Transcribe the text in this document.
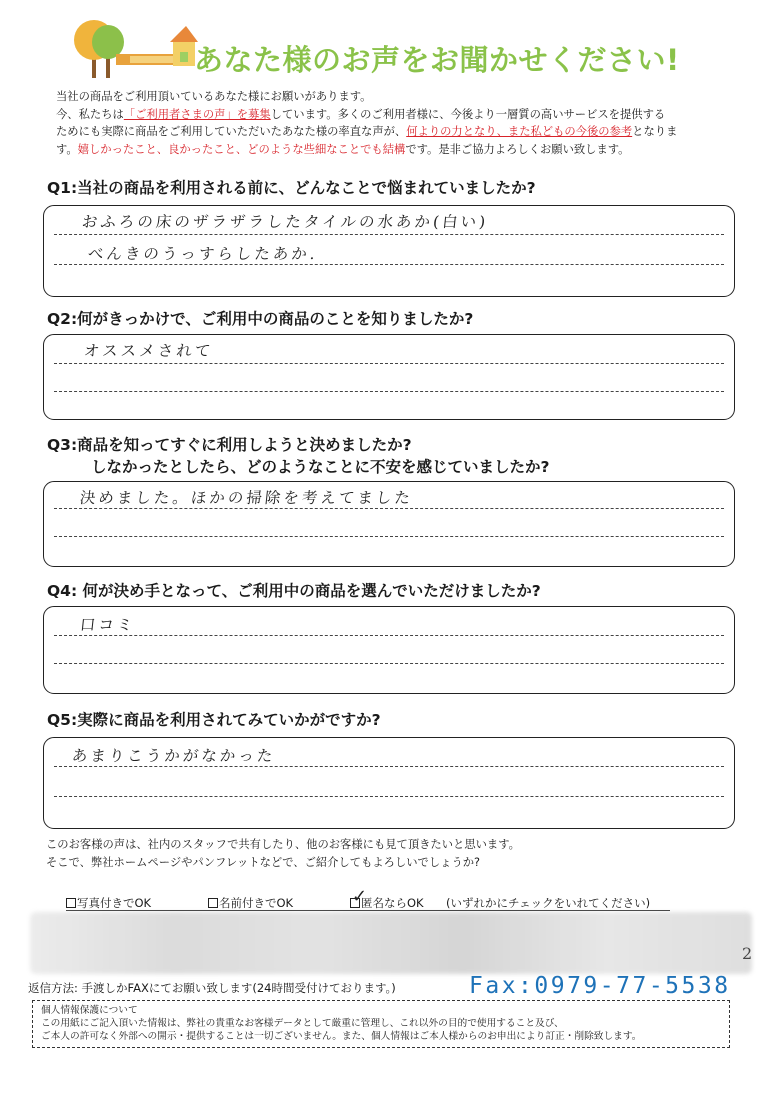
あなた様のお声をお聞かせください!
当社の商品をご利用頂いているあなた様にお願いがあります。
今、私たちは「ご利用者さまの声」を募集しています。多くのご利用者様に、今後より一層質の高いサービスを提供する
ためにも実際に商品をご利用していただいたあなた様の率直な声が、何よりの力となり、また私どもの今後の参考となりま
す。嬉しかったこと、良かったこと、どのような些細なことでも結構です。是非ご協力よろしくお願い致します。
Q1:当社の商品を利用される前に、どんなことで悩まれていましたか?
おふろの床のザラザラしたタイルの水あか(白い)
べんきのうっすらしたあか.
Q2:何がきっかけで、ご利用中の商品のことを知りましたか?
オススメされて
Q3:商品を知ってすぐに利用しようと決めましたか?
しなかったとしたら、どのようなことに不安を感じていましたか?
決めました。ほかの掃除を考えてました
Q4: 何が決め手となって、ご利用中の商品を選んでいただけましたか?
口コミ
Q5:実際に商品を利用されてみていかがですか?
あまりこうかがなかった
このお客様の声は、社内のスタッフで共有したり、他のお客様にも見て頂きたいと思います。
そこで、弊社ホームページやパンフレットなどで、ご紹介してもよろしいでしょうか?
写真付きでOK	名前付きでOK	匿名ならOK	(いずれかにチェックをいれてください)
✓
2
返信方法: 手渡しかFAXにてお願い致します(24時間受付けております。)	Fax:0979-77-5538
個人情報保護について
この用紙にご記入頂いた情報は、弊社の貴重なお客様データとして厳重に管理し、これ以外の目的で使用すること及び、
ご本人の許可なく外部への開示・提供することは一切ございません。また、個人情報はご本人様からのお申出により訂正・削除致します。
